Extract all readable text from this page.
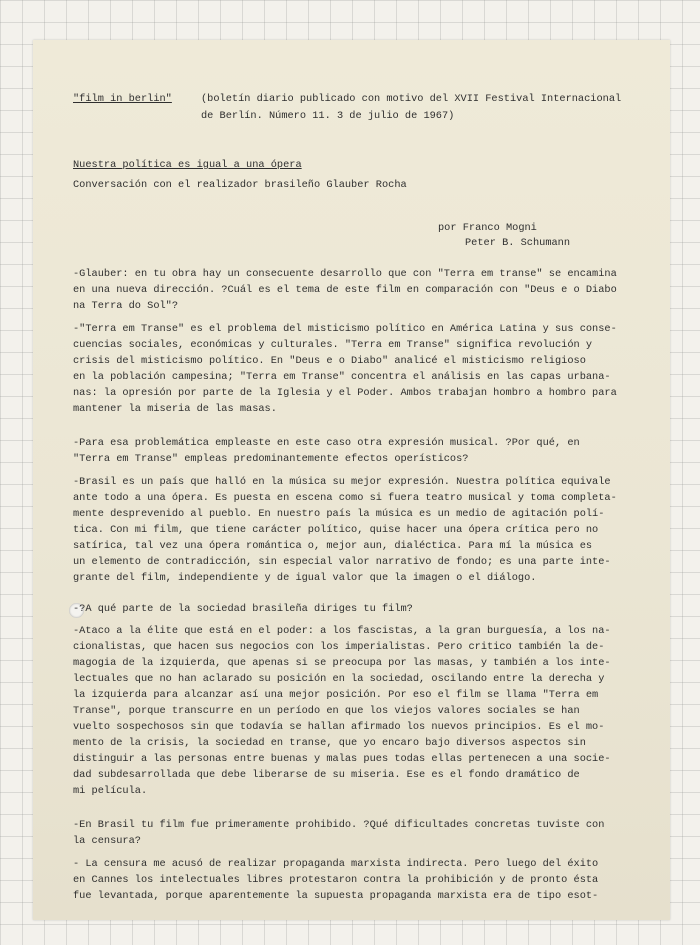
"film in berlin"	(boletín diario publicado con motivo del XVII Festival Internacional
de Berlín. Número 11. 3 de julio de 1967)
Nuestra política es igual a una ópera
Conversación con el realizador brasileño Glauber Rocha
por Franco Mogni
Peter B. Schumann
-Glauber: en tu obra hay un consecuente desarrollo que con "Terra em transe" se encamina
en una nueva dirección. ?Cuál es el tema de este film en comparación con "Deus e o Diabo
na Terra do Sol"?
-"Terra em Transe" es el problema del misticismo político en América Latina y sus conse-
cuencias sociales, económicas y culturales. "Terra em Transe" significa revolución y
crisis del misticismo político. En "Deus e o Diabo" analicé el misticismo religioso
en la población campesina; "Terra em Transe" concentra el análisis en las capas urbana-
nas: la opresión por parte de la Iglesia y el Poder. Ambos trabajan hombro a hombro para
mantener la miseria de las masas.
-Para esa problemática empleaste en este caso otra expresión musical. ?Por qué, en
"Terra em Transe" empleas predominantemente efectos operísticos?
-Brasil es un país que halló en la música su mejor expresión. Nuestra política equivale
ante todo a una ópera. Es puesta en escena como si fuera teatro musical y toma completa-
mente desprevenido al pueblo. En nuestro país la música es un medio de agitación polí-
tica. Con mi film, que tiene carácter político, quise hacer una ópera crítica pero no
satírica, tal vez una ópera romántica o, mejor aun, dialéctica. Para mí la música es
un elemento de contradicción, sin especial valor narrativo de fondo; es una parte inte-
grante del film, independiente y de igual valor que la imagen o el diálogo.
-?A qué parte de la sociedad brasileña diriges tu film?
-Ataco a la élite que está en el poder: a los fascistas, a la gran burguesía, a los na-
cionalistas, que hacen sus negocios con los imperialistas. Pero critico también la de-
magogia de la izquierda, que apenas si se preocupa por las masas, y también a los inte-
lectuales que no han aclarado su posición en la sociedad, oscilando entre la derecha y
la izquierda para alcanzar así una mejor posición. Por eso el film se llama "Terra em
Transe", porque transcurre en un período en que los viejos valores sociales se han
vuelto sospechosos sin que todavía se hallan afirmado los nuevos principios. Es el mo-
mento de la crisis, la sociedad en transe, que yo encaro bajo diversos aspectos sin
distinguir a las personas entre buenas y malas pues todas ellas pertenecen a una socie-
dad subdesarrollada que debe liberarse de su miseria. Ese es el fondo dramático de
mi película.
-En Brasil tu film fue primeramente prohibido. ?Qué dificultades concretas tuviste con
la censura?
- La censura me acusó de realizar propaganda marxista indirecta. Pero luego del éxito
en Cannes los intelectuales libres protestaron contra la prohibición y de pronto ésta
fue levantada, porque aparentemente la supuesta propaganda marxista era de tipo esot-
